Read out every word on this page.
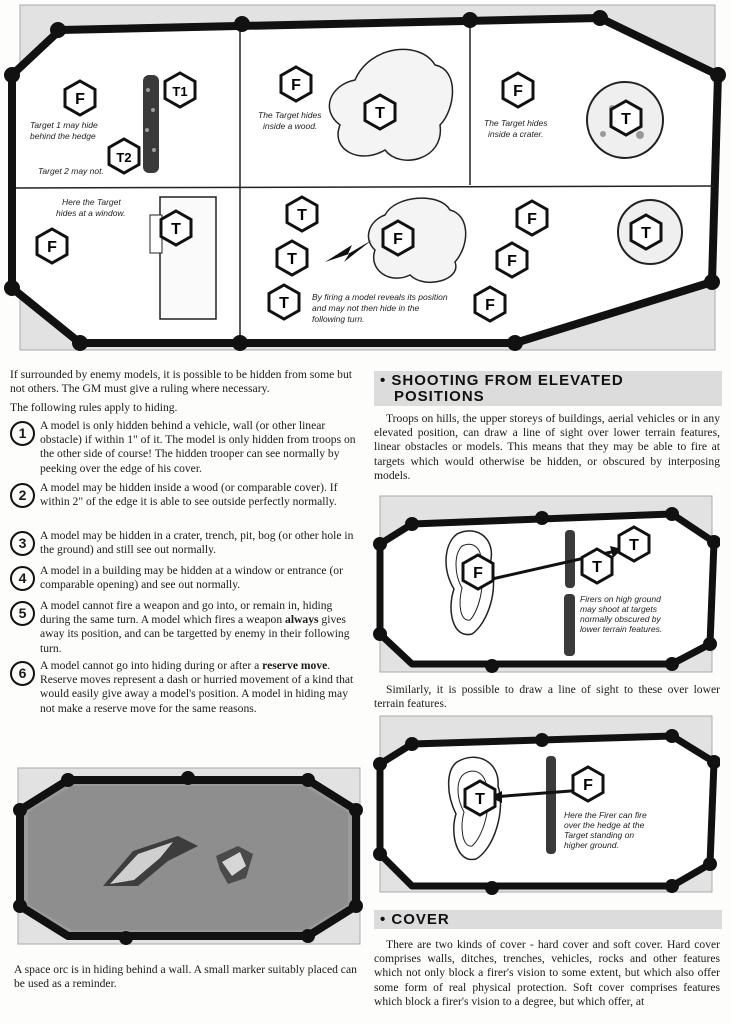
F	T1
T2
F
T
F
T
F
T
T
T
T
F
F
F
F
T
Target 1 may hide
behind the hedge
Target 2 may not.
The Target hides
inside a wood.	The Target hides
inside a crater.
Here the Target
hides at a window.
By firing a model reveals its position
and may not then hide in the
following turn.
If surrounded by enemy models, it is possible to be hidden from some but not others. The GM must give a ruling where necessary.
The following rules apply to hiding.
1	A model is only hidden behind a vehicle, wall (or other linear obstacle) if within 1" of it. The model is only hidden from troops on the other side of course! The hidden trooper can see normally by peeking over the edge of his cover.
2	A model may be hidden inside a wood (or comparable cover). If within 2" of the edge it is able to see outside perfectly normally.
3	A model may be hidden in a crater, trench, pit, bog (or other hole in the ground) and still see out normally.
4	A model in a building may be hidden at a window or entrance (or comparable opening) and see out normally.
5	A model cannot fire a weapon and go into, or remain in, hiding during the same turn. A model which fires a weapon always gives away its position, and can be targetted by enemy in their following turn.
6	A model cannot go into hiding during or after a reserve move. Reserve moves represent a dash or hurried movement of a kind that would easily give away a model's position. A model in hiding may not make a reserve move for the same reasons.
A space orc is in hiding behind a wall. A small marker suitably placed can be used as a reminder.
• SHOOTING FROM ELEVATED
POSITIONS
Troops on hills, the upper storeys of buildings, aerial vehicles or in any elevated position, can draw a line of sight over lower terrain features, linear obstacles or models. This means that they may be able to fire at targets which would otherwise be hidden, or obscured by interposing models.
F	T
T
Firers on high ground
may shoot at targets
normally obscured by
lower terrain features.
Similarly, it is possible to draw a line of sight to these over lower terrain features.
T
F
Here the Firer can fire
over the hedge at the
Target standing on
higher ground.
• COVER
There are two kinds of cover - hard cover and soft cover. Hard cover comprises walls, ditches, trenches, vehicles, rocks and other features which not only block a firer's vision to some extent, but which also offer some form of real physical protection. Soft cover comprises features which block a firer's vision to a degree, but which offer, at
